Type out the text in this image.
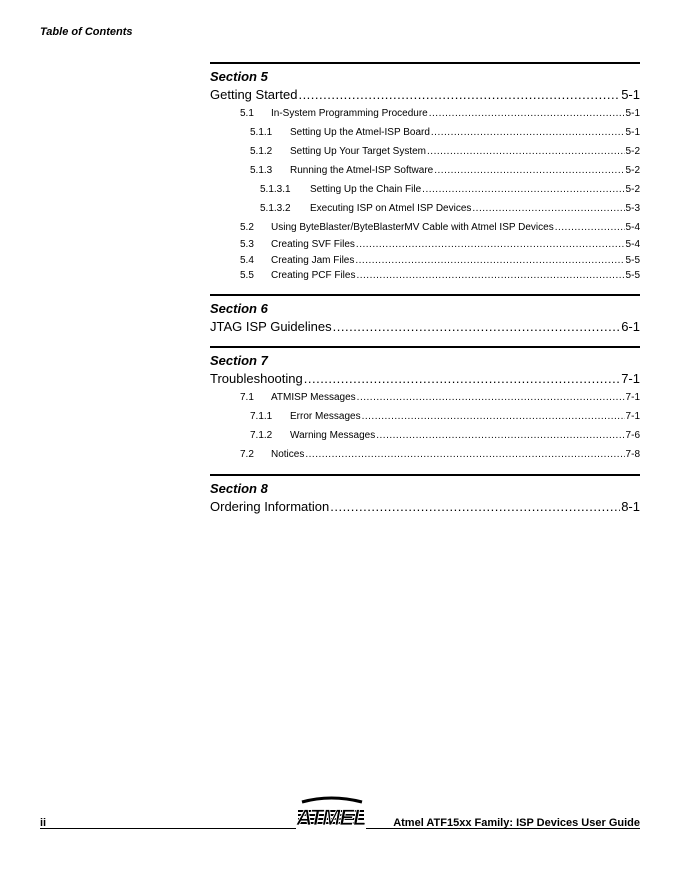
Table of Contents
Section 5
Getting Started .....	5-1
5.1	In-System Programming Procedure .....	5-1
5.1.1	Setting Up the Atmel-ISP Board .....	5-1
5.1.2	Setting Up Your Target System .....	5-2
5.1.3	Running the Atmel-ISP Software .....	5-2
5.1.3.1	Setting Up the Chain File .....	5-2
5.1.3.2	Executing ISP on Atmel ISP Devices .....	5-3
5.2	Using ByteBlaster/ByteBlasterMV Cable with Atmel ISP Devices .....	5-4
5.3	Creating SVF Files .....	5-4
5.4	Creating Jam Files .....	5-5
5.5	Creating PCF Files .....	5-5
Section 6
JTAG ISP Guidelines .....	6-1
Section 7
Troubleshooting .....	7-1
7.1	ATMISP Messages .....	7-1
7.1.1	Error Messages .....	7-1
7.1.2	Warning Messages .....	7-6
7.2	Notices .....	7-8
Section 8
Ordering Information .....	8-1
ii	Atmel ATF15xx Family: ISP Devices User Guide
ATMEL
